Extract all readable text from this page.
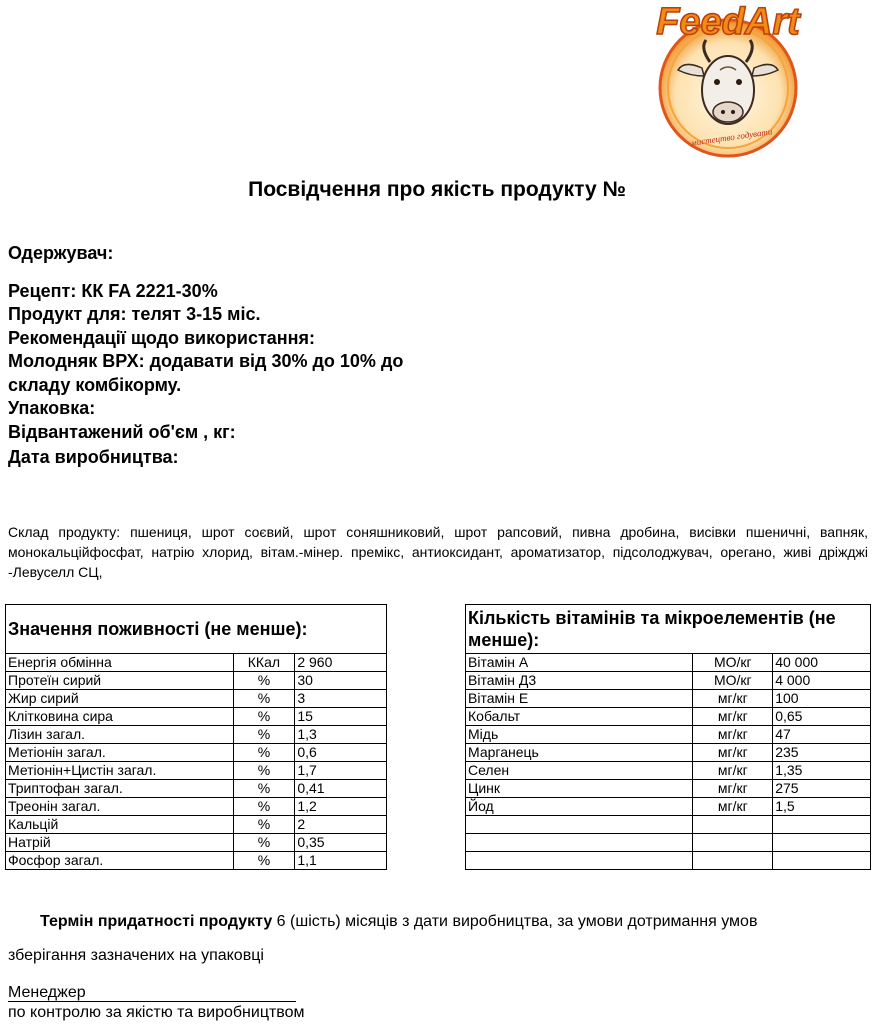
FeedArt
мистецтво годувати
Посвідчення про якість продукту №
Одержувач:
Рецепт: КК FA 2221-30%
Продукт для: телят 3-15 міс.
Рекомендації щодо використання:
Молодняк ВРХ: додавати від 30% до 10% до
складу комбікорму.
Упаковка:
Відвантажений об'єм , кг:
Дата виробництва:
Склад продукту: пшениця, шрот соєвий, шрот соняшниковий, шрот рапсовий, пивна дробина, висівки пшеничні, вапняк, монокальційфосфат, натрію хлорид, вітам.-мінер. премікс, антиоксидант, ароматизатор, підсолоджувач, орегано, живі дріжджі -Левуселл СЦ,
Значення поживності (не менше):		
Енергія обмінна	ККал	2 960
Протеїн сирий	%	30
Жир сирий	%	3
Клітковина сира	%	15
Лізин загал.	%	1,3
Метіонін загал.	%	0,6
Метіонін+Цистін загал.	%	1,7
Триптофан загал.	%	0,41
Треонін загал.	%	1,2
Кальцій	%	2
Натрій	%	0,35
Фосфор загал.	%	1,1
Кількість вітамінів та мікроелементів (не менше):		
Вітамін А	МО/кг	40 000
Вітамін Д3	МО/кг	4 000
Вітамін Е	мг/кг	100
Кобальт	мг/кг	0,65
Мідь	мг/кг	47
Марганець	мг/кг	235
Селен	мг/кг	1,35
Цинк	мг/кг	275
Йод	мг/кг	1,5

Термін придатності продукту 6 (шість) місяців з дати виробництва, за умови дотримання умов
зберігання зазначених на упаковці
Менеджер
по контролю за якістю та виробництвом
